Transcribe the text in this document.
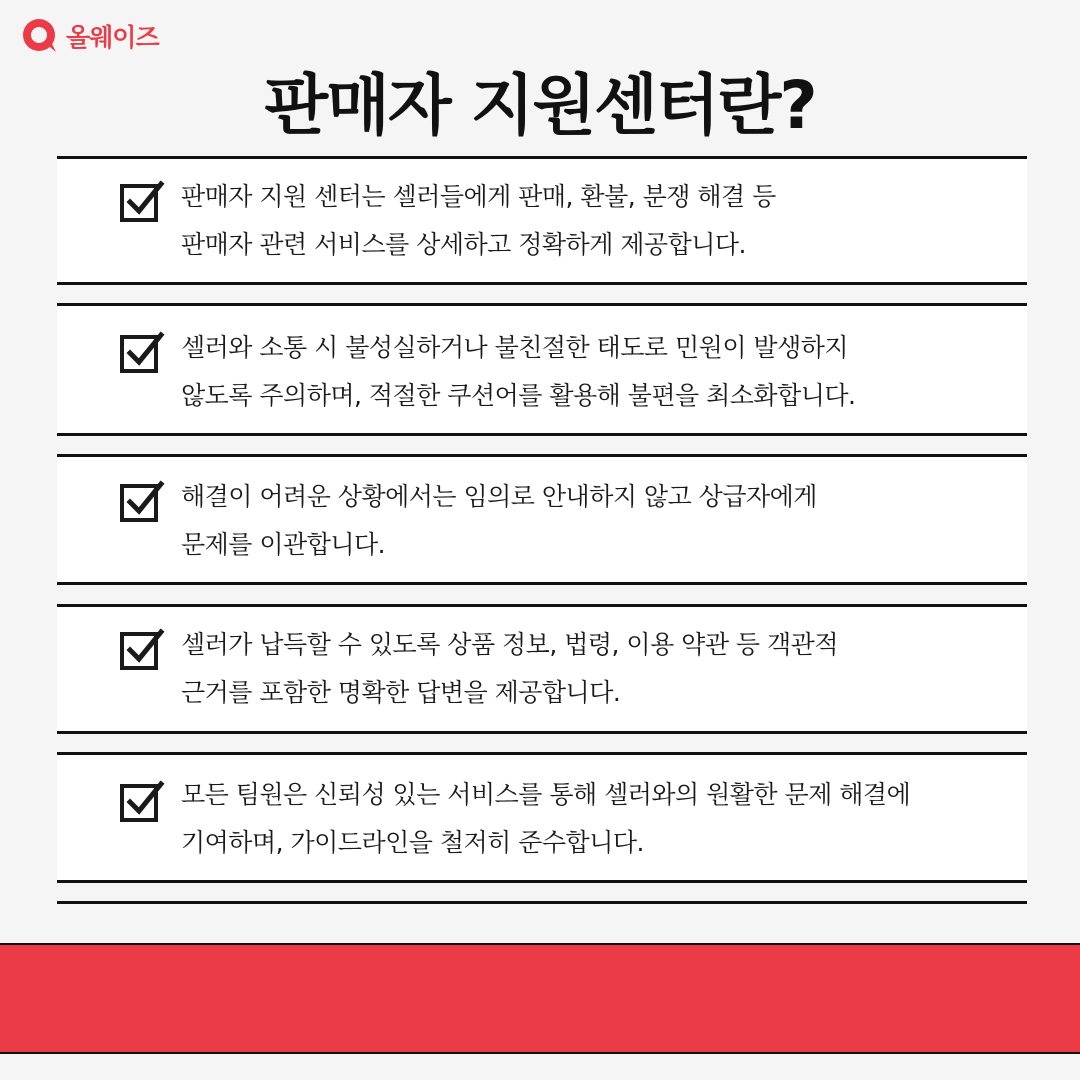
올웨이즈
판매자 지원센터란?
판매자 지원 센터는 셀러들에게 판매, 환불, 분쟁 해결 등
판매자 관련 서비스를 상세하고 정확하게 제공합니다.
셀러와 소통 시 불성실하거나 불친절한 태도로 민원이 발생하지
않도록 주의하며, 적절한 쿠션어를 활용해 불편을 최소화합니다.
해결이 어려운 상황에서는 임의로 안내하지 않고 상급자에게
문제를 이관합니다.
셀러가 납득할 수 있도록 상품 정보, 법령, 이용 약관 등 객관적
근거를 포함한 명확한 답변을 제공합니다.
모든 팀원은 신뢰성 있는 서비스를 통해 셀러와의 원활한 문제 해결에
기여하며, 가이드라인을 철저히 준수합니다.
